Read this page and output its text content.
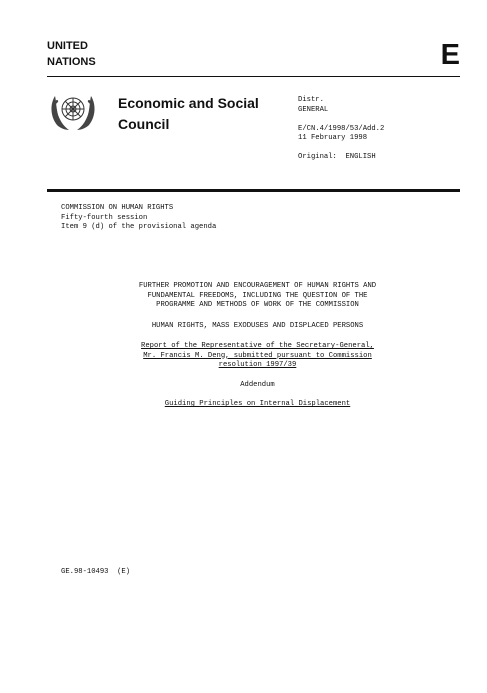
UNITED
NATIONS	E
Economic and Social
Council
Distr.
GENERAL
E/CN.4/1998/53/Add.2
11 February 1998
Original:  ENGLISH
COMMISSION ON HUMAN RIGHTS
Fifty-fourth session
Item 9 (d) of the provisional agenda
FURTHER PROMOTION AND ENCOURAGEMENT OF HUMAN RIGHTS AND
FUNDAMENTAL FREEDOMS, INCLUDING THE QUESTION OF THE
PROGRAMME AND METHODS OF WORK OF THE COMMISSION
HUMAN RIGHTS, MASS EXODUSES AND DISPLACED PERSONS
Report of the Representative of the Secretary-General,
Mr. Francis M. Deng, submitted pursuant to Commission
resolution 1997/39
Addendum
Guiding Principles on Internal Displacement
GE.98-10493  (E)
